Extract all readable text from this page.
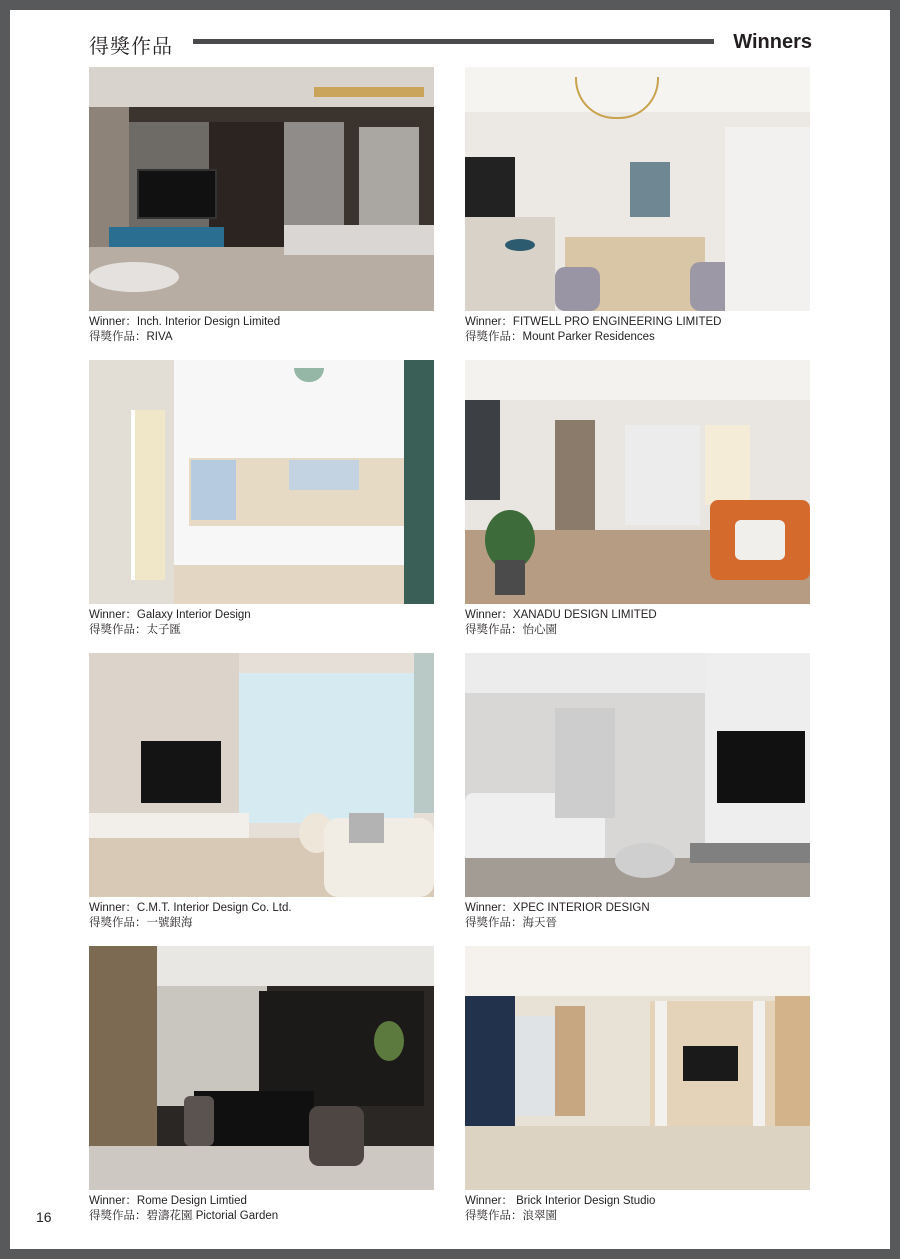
得獎作品	Winners
Winner：Inch. Interior Design Limited
得獎作品：RIVA
Winner：FITWELL PRO ENGINEERING LIMITED
得獎作品：Mount Parker Residences
Winner：Galaxy Interior Design
得獎作品：太子匯
Winner：XANADU DESIGN LIMITED
得獎作品：怡心園
Winner：C.M.T. Interior Design Co. Ltd.
得獎作品：一號銀海
Winner：XPEC INTERIOR DESIGN
得獎作品：海天晉
Winner：Rome Design Limtied
得獎作品：碧濤花園 Pictorial Garden
Winner： Brick Interior Design Studio
得獎作品：浪翠園
16
